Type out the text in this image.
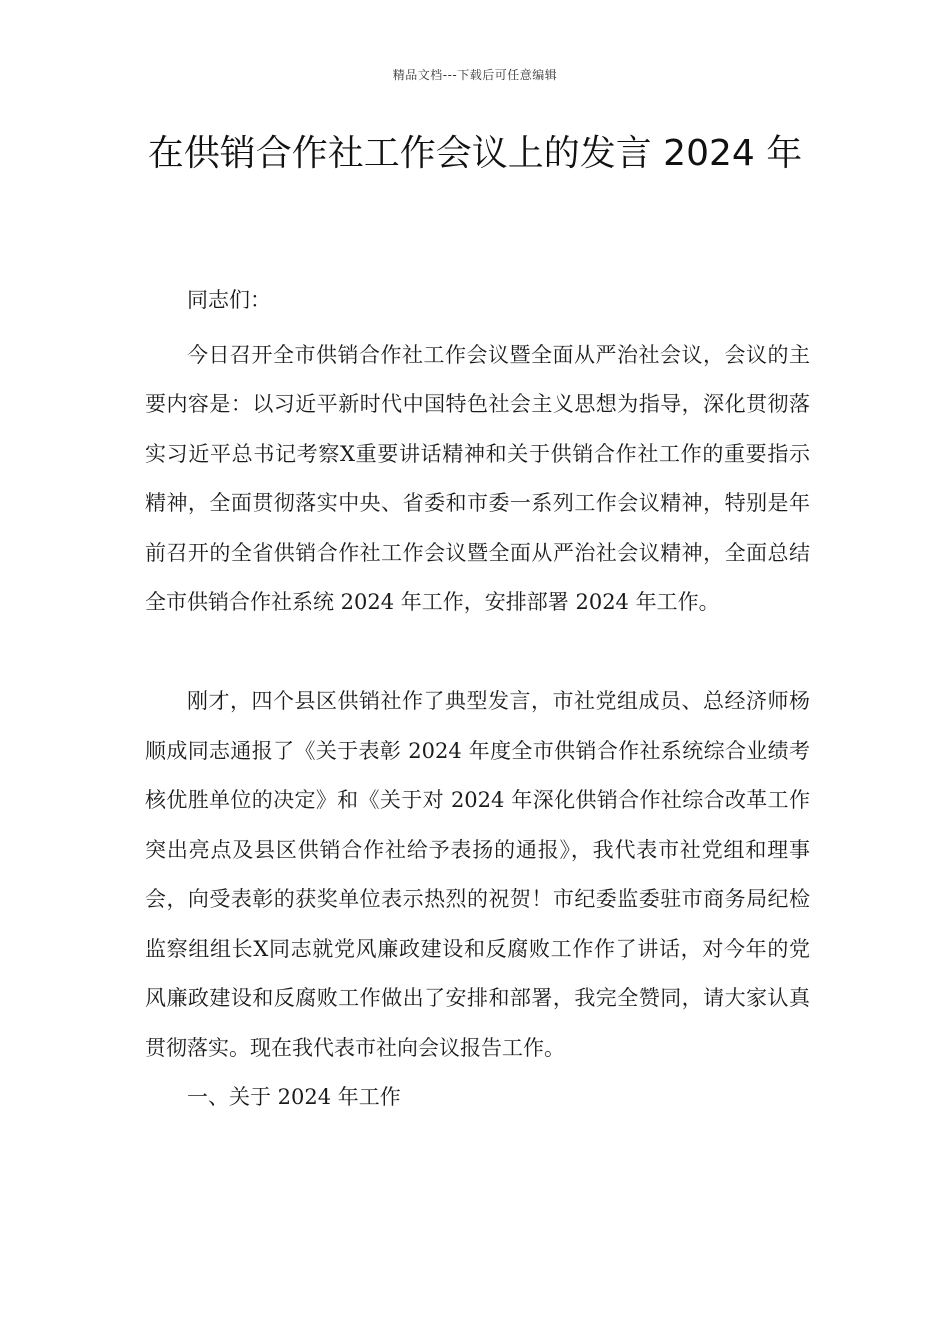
精品文档---下载后可任意编辑
在供销合作社工作会议上的发言 2024 年

同志们：

今日召开全市供销合作社工作会议暨全面从严治社会议，会议的主要内容是：以习近平新时代中国特色社会主义思想为指导，深化贯彻落实习近平总书记考察X重要讲话精神和关于供销合作社工作的重要指示精神，全面贯彻落实中央、省委和市委一系列工作会议精神，特别是年前召开的全省供销合作社工作会议暨全面从严治社会议精神，全面总结全市供销合作社系统 2024 年工作，安排部署 2024 年工作。

刚才，四个县区供销社作了典型发言，市社党组成员、总经济师杨顺成同志通报了《关于表彰 2024 年度全市供销合作社系统综合业绩考核优胜单位的决定》和《关于对 2024 年深化供销合作社综合改革工作突出亮点及县区供销合作社给予表扬的通报》，我代表市社党组和理事会，向受表彰的获奖单位表示热烈的祝贺！市纪委监委驻市商务局纪检监察组组长X同志就党风廉政建设和反腐败工作作了讲话，对今年的党风廉政建设和反腐败工作做出了安排和部署，我完全赞同，请大家认真贯彻落实。现在我代表市社向会议报告工作。

一、关于 2024 年工作
